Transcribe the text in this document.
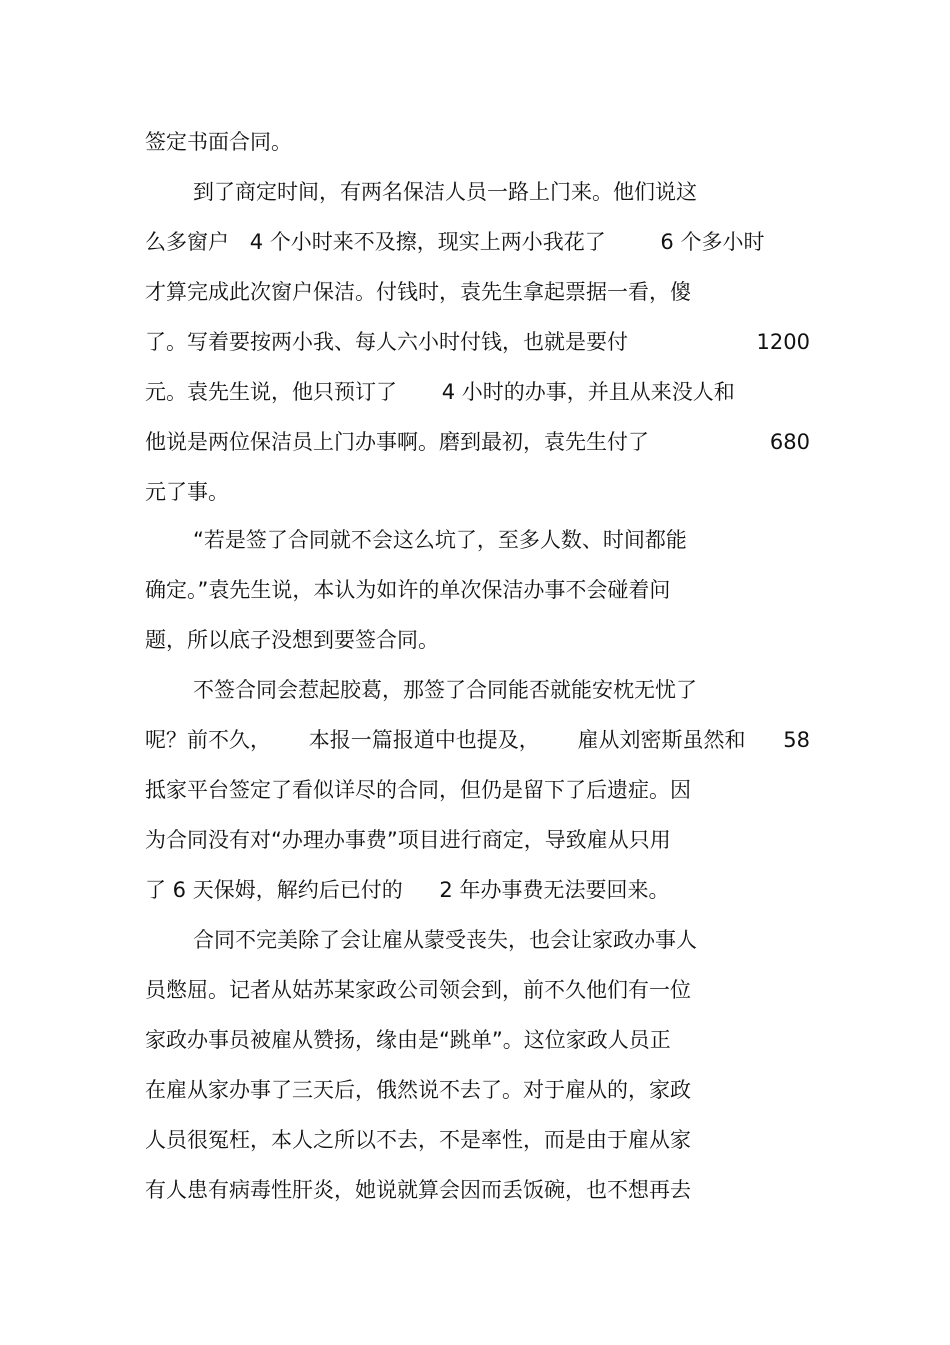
签定书面合同。
到了商定时间，有两名保洁人员一路上门来。他们说这
么多窗户 4 个小时来不及擦，现实上两小我花了	6 个多小时
才算完成此次窗户保洁。付钱时，袁先生拿起票据一看，傻
了。写着要按两小我、每人六小时付钱，也就是要付	1200
元。袁先生说，他只预订了 4 小时的办事，并且从来没人和
他说是两位保洁员上门办事啊。磨到最初，袁先生付了	680
元了事。
“若是签了合同就不会这么坑了，至多人数、时间都能
确定。”袁先生说，本认为如许的单次保洁办事不会碰着问
题，所以底子没想到要签合同。
不签合同会惹起胶葛，那签了合同能否就能安枕无忧了
呢？前不久， 本报一篇报道中也提及， 雇从刘密斯虽然和 58
抵家平台签定了看似详尽的合同，但仍是留下了后遗症。因
为合同没有对“办理办事费”项目进行商定，导致雇从只用
了 6 天保姆，解约后已付的 2 年办事费无法要回来。
合同不完美除了会让雇从蒙受丧失，也会让家政办事人
员憋屈。记者从姑苏某家政公司领会到，前不久他们有一位
家政办事员被雇从赞扬，缘由是“跳单”。这位家政人员正
在雇从家办事了三天后，俄然说不去了。对于雇从的，家政
人员很冤枉，本人之所以不去，不是率性，而是由于雇从家
有人患有病毒性肝炎，她说就算会因而丢饭碗，也不想再去
